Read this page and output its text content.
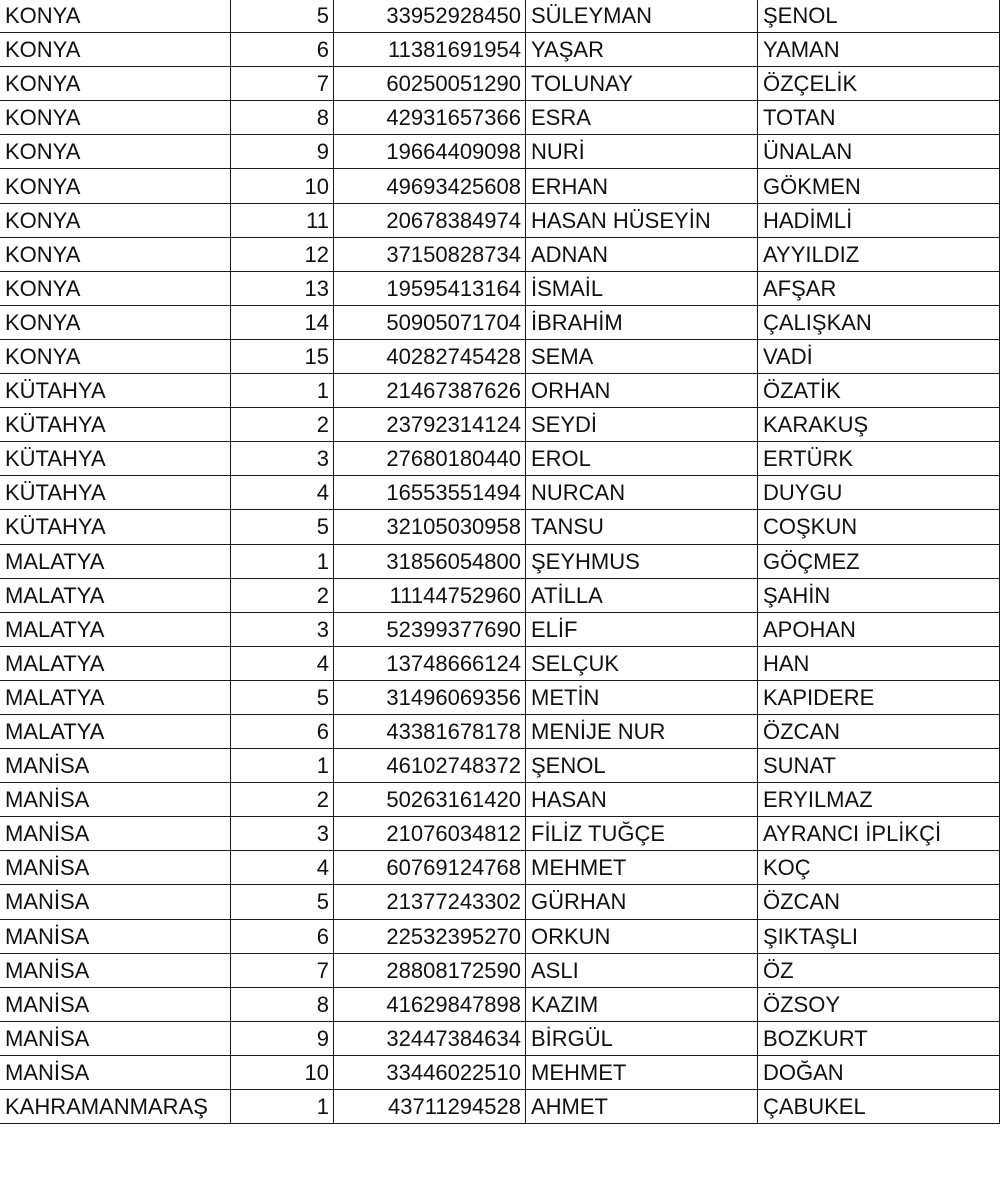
KONYA	5	33952928450	SÜLEYMAN	ŞENOL
KONYA	6	11381691954	YAŞAR	YAMAN
KONYA	7	60250051290	TOLUNAY	ÖZÇELİK
KONYA	8	42931657366	ESRA	TOTAN
KONYA	9	19664409098	NURİ	ÜNALAN
KONYA	10	49693425608	ERHAN	GÖKMEN
KONYA	11	20678384974	HASAN HÜSEYİN	HADİMLİ
KONYA	12	37150828734	ADNAN	AYYILDIZ
KONYA	13	19595413164	İSMAİL	AFŞAR
KONYA	14	50905071704	İBRAHİM	ÇALIŞKAN
KONYA	15	40282745428	SEMA	VADİ
KÜTAHYA	1	21467387626	ORHAN	ÖZATİK
KÜTAHYA	2	23792314124	SEYDİ	KARAKUŞ
KÜTAHYA	3	27680180440	EROL	ERTÜRK
KÜTAHYA	4	16553551494	NURCAN	DUYGU
KÜTAHYA	5	32105030958	TANSU	COŞKUN
MALATYA	1	31856054800	ŞEYHMUS	GÖÇMEZ
MALATYA	2	11144752960	ATİLLA	ŞAHİN
MALATYA	3	52399377690	ELİF	APOHAN
MALATYA	4	13748666124	SELÇUK	HAN
MALATYA	5	31496069356	METİN	KAPIDERE
MALATYA	6	43381678178	MENİJE NUR	ÖZCAN
MANİSA	1	46102748372	ŞENOL	SUNAT
MANİSA	2	50263161420	HASAN	ERYILMAZ
MANİSA	3	21076034812	FİLİZ TUĞÇE	AYRANCI İPLİKÇİ
MANİSA	4	60769124768	MEHMET	KOÇ
MANİSA	5	21377243302	GÜRHAN	ÖZCAN
MANİSA	6	22532395270	ORKUN	ŞIKTAŞLI
MANİSA	7	28808172590	ASLI	ÖZ
MANİSA	8	41629847898	KAZIM	ÖZSOY
MANİSA	9	32447384634	BİRGÜL	BOZKURT
MANİSA	10	33446022510	MEHMET	DOĞAN
KAHRAMANMARAŞ	1	43711294528	AHMET	ÇABUKEL
